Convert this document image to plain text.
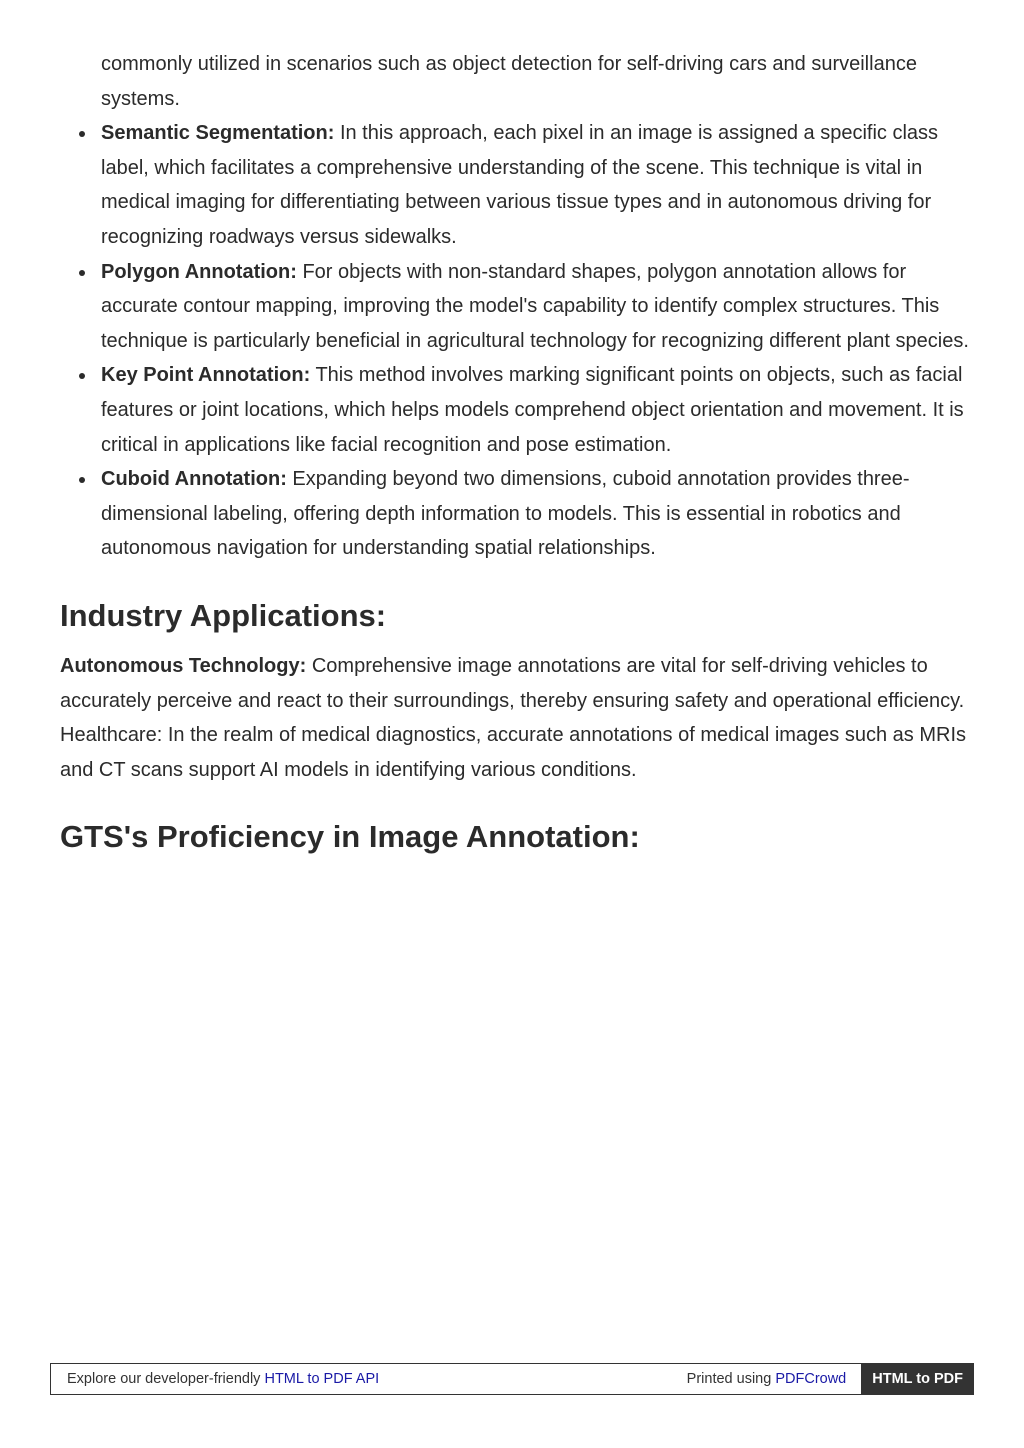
commonly utilized in scenarios such as object detection for self-driving cars and surveillance systems.
Semantic Segmentation: In this approach, each pixel in an image is assigned a specific class label, which facilitates a comprehensive understanding of the scene. This technique is vital in medical imaging for differentiating between various tissue types and in autonomous driving for recognizing roadways versus sidewalks.
Polygon Annotation: For objects with non-standard shapes, polygon annotation allows for accurate contour mapping, improving the model's capability to identify complex structures. This technique is particularly beneficial in agricultural technology for recognizing different plant species.
Key Point Annotation: This method involves marking significant points on objects, such as facial features or joint locations, which helps models comprehend object orientation and movement. It is critical in applications like facial recognition and pose estimation.
Cuboid Annotation: Expanding beyond two dimensions, cuboid annotation provides three-dimensional labeling, offering depth information to models. This is essential in robotics and autonomous navigation for understanding spatial relationships.
Industry Applications:

Autonomous Technology: Comprehensive image annotations are vital for self-driving vehicles to accurately perceive and react to their surroundings, thereby ensuring safety and operational efficiency.

Healthcare: In the realm of medical diagnostics, accurate annotations of medical images such as MRIs and CT scans support AI models in identifying various conditions.

GTS's Proficiency in Image Annotation:
Explore our developer-friendly HTML to PDF API	Printed using PDFCrowd	HTML to PDF
